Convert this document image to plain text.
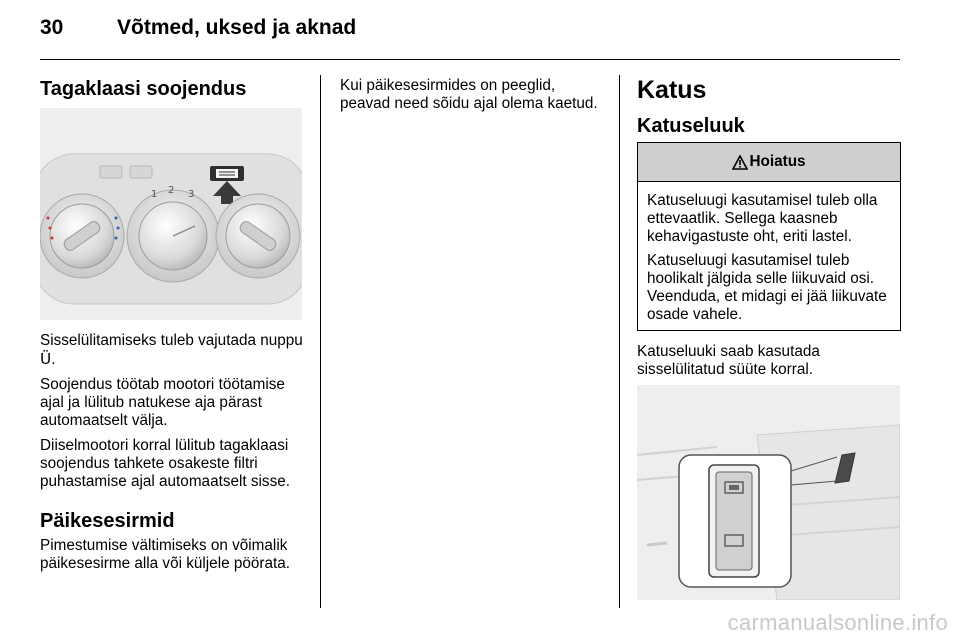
30	Võtmed, uksed ja aknad
Tagaklaasi soojendus
2 3
1

Sisselülitamiseks tuleb vajutada nuppu Ü.

Soojendus töötab mootori töötamise ajal ja lülitub natukese aja pärast automaatselt välja.

Diiselmootori korral lülitub tagaklaasi soojendus tahkete osakeste filtri puhastamise ajal automaatselt sisse.

Päikesesirmid

Pimestumise vältimiseks on võimalik päikesesirme alla või küljele pöörata.

Kui päikesesirmides on peeglid, peavad need sõidu ajal olema kaetud. Katus
Katuseluuk
Hoiatus

Katuseluugi kasutamisel tuleb olla ettevaatlik. Sellega kaasneb kehavigastuste oht, eriti lastel.

Katuseluugi kasutamisel tuleb hoolikalt jälgida selle liikuvaid osi. Veenduda, et midagi ei jää liikuvate osade vahele.

Katuseluuki saab kasutada sisselülitatud süüte korral.

carmanualsonline.info
